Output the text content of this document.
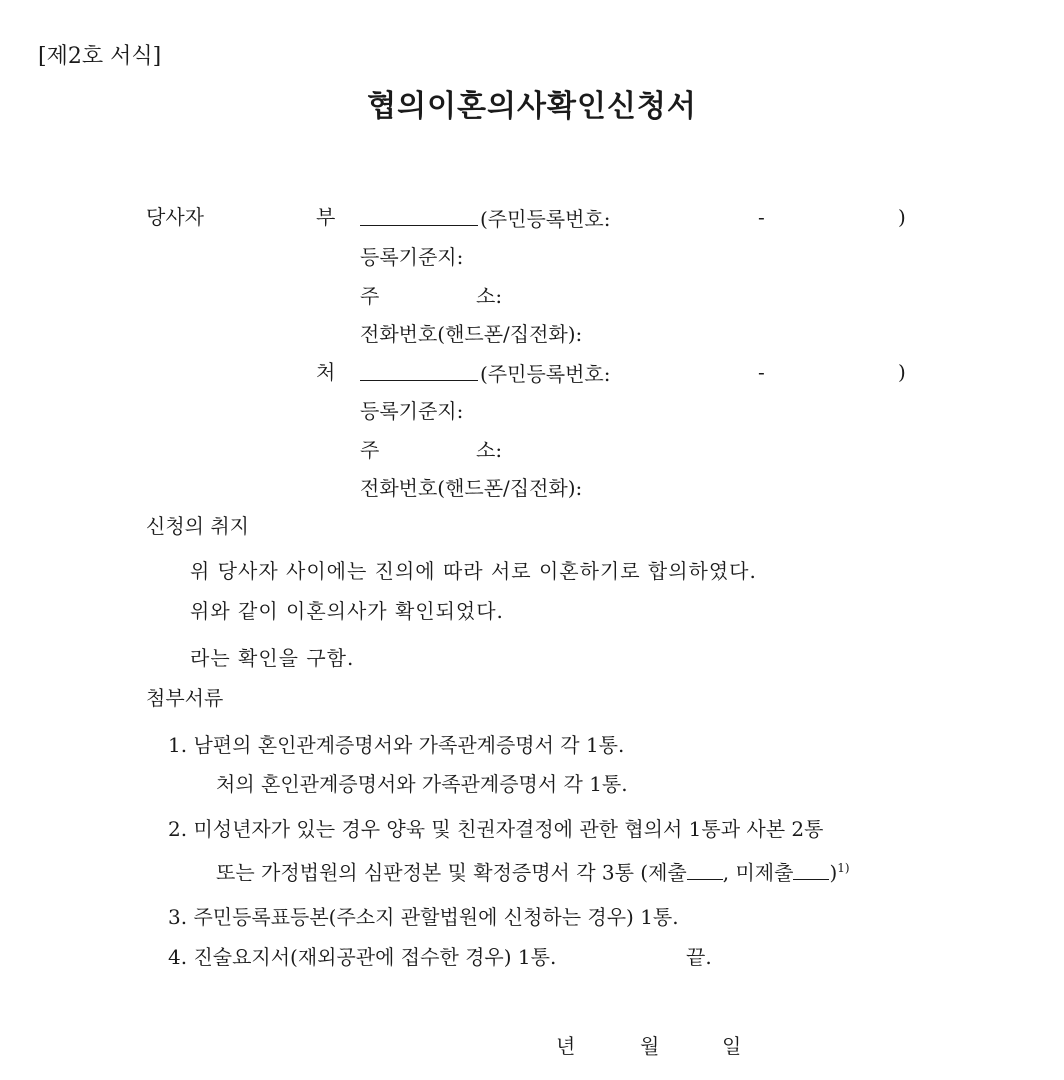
[제2호 서식]
협의이혼의사확인신청서
당사자	부	(주민등록번호:	-	)
등록기준지:
주	소:
전화번호(핸드폰/집전화):
처	(주민등록번호:	-	)
등록기준지:
주	소:
전화번호(핸드폰/집전화):
신청의 취지
위 당사자 사이에는 진의에 따라 서로 이혼하기로 합의하였다.
위와 같이 이혼의사가 확인되었다.
라는 확인을 구함.
첨부서류
1. 남편의 혼인관계증명서와 가족관계증명서 각 1통.
처의 혼인관계증명서와 가족관계증명서 각 1통.
2. 미성년자가 있는 경우 양육 및 친권자결정에 관한 협의서 1통과 사본 2통
또는 가정법원의 심판정본 및 확정증명서 각 3통 (제출 , 미제출 )$^{1)}$
3. 주민등록표등본(주소지 관할법원에 신청하는 경우) 1통.
4. 진술요지서(재외공관에 접수한 경우) 1통.	끝.
년	월	일
